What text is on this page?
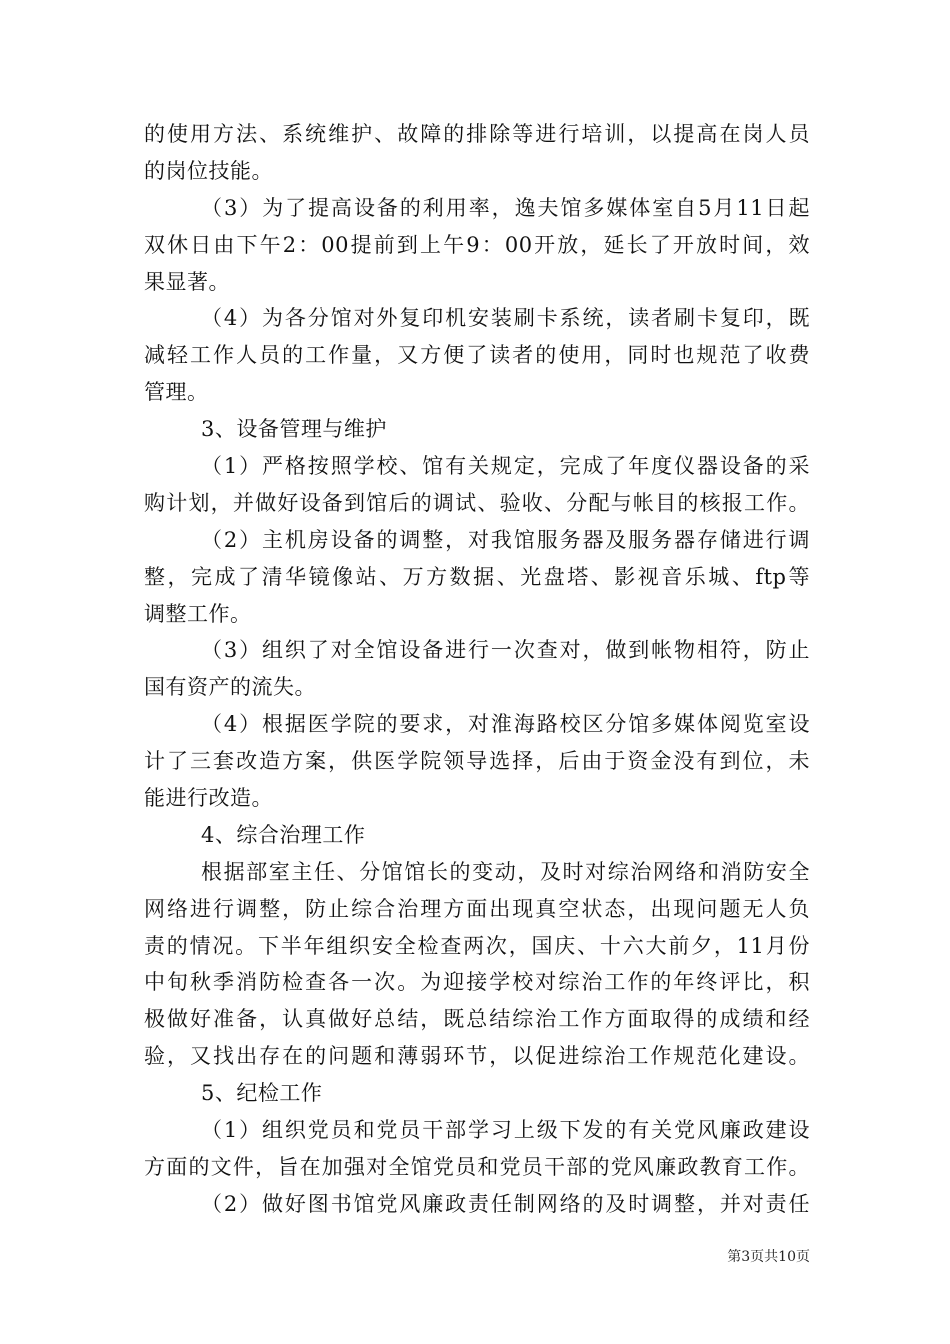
的使用方法、系统维护、故障的排除等进行培训，以提高在岗人员
的岗位技能。
（3）为了提高设备的利用率，逸夫馆多媒体室自5月11日起
双休日由下午2：00提前到上午9：00开放，延长了开放时间，效
果显著。
（4）为各分馆对外复印机安装刷卡系统，读者刷卡复印，既
减轻工作人员的工作量，又方便了读者的使用，同时也规范了收费
管理。
3、设备管理与维护
（1）严格按照学校、馆有关规定，完成了年度仪器设备的采
购计划，并做好设备到馆后的调试、验收、分配与帐目的核报工作。
（2）主机房设备的调整，对我馆服务器及服务器存储进行调
整，完成了清华镜像站、万方数据、光盘塔、影视音乐城、ftp等
调整工作。
（3）组织了对全馆设备进行一次查对，做到帐物相符，防止
国有资产的流失。
（4）根据医学院的要求，对淮海路校区分馆多媒体阅览室设
计了三套改造方案，供医学院领导选择，后由于资金没有到位，未
能进行改造。
4、综合治理工作
根据部室主任、分馆馆长的变动，及时对综治网络和消防安全
网络进行调整，防止综合治理方面出现真空状态，出现问题无人负
责的情况。下半年组织安全检查两次，国庆、十六大前夕，11月份
中旬秋季消防检查各一次。为迎接学校对综治工作的年终评比，积
极做好准备，认真做好总结，既总结综治工作方面取得的成绩和经
验，又找出存在的问题和薄弱环节，以促进综治工作规范化建设。
5、纪检工作
（1）组织党员和党员干部学习上级下发的有关党风廉政建设
方面的文件，旨在加强对全馆党员和党员干部的党风廉政教育工作。
（2）做好图书馆党风廉政责任制网络的及时调整，并对责任
第3页共10页
